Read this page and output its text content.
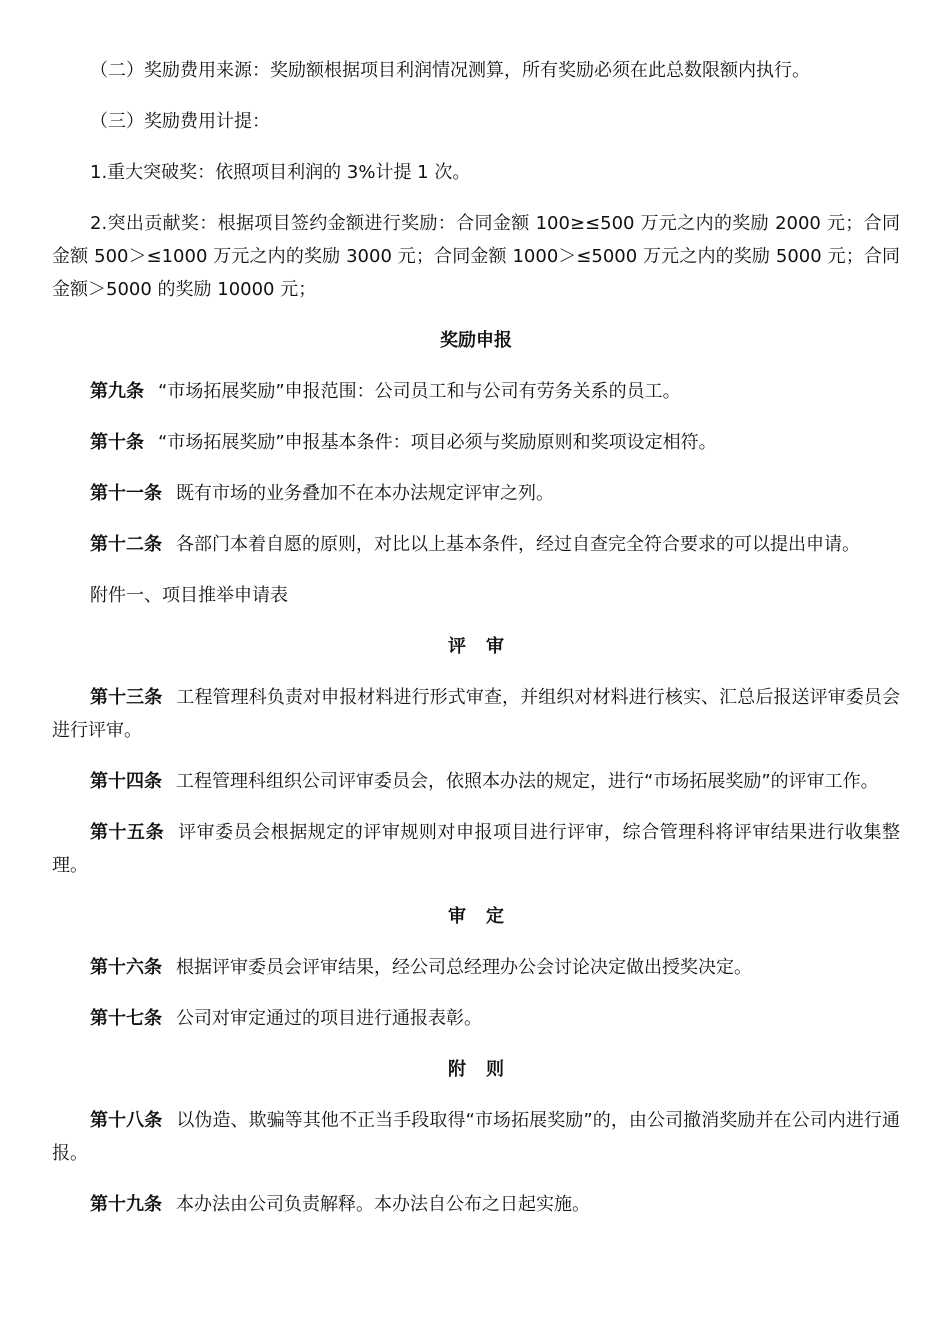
（二）奖励费用来源：奖励额根据项目利润情况测算，所有奖励必须在此总数限额内执行。

（三）奖励费用计提：

1.重大突破奖：依照项目利润的 3%计提 1 次。

2.突出贡献奖：根据项目签约金额进行奖励：合同金额 100≥≤500 万元之内的奖励 2000 元；合同金额 500＞≤1000 万元之内的奖励 3000 元；合同金额 1000＞≤5000 万元之内的奖励 5000 元；合同金额＞5000 的奖励 10000 元；

奖励申报

第九条 “市场拓展奖励”申报范围：公司员工和与公司有劳务关系的员工。

第十条 “市场拓展奖励”申报基本条件：项目必须与奖励原则和奖项设定相符。

第十一条 既有市场的业务叠加不在本办法规定评审之列。

第十二条 各部门本着自愿的原则，对比以上基本条件，经过自查完全符合要求的可以提出申请。

附件一、项目推举申请表

评审

第十三条 工程管理科负责对申报材料进行形式审查，并组织对材料进行核实、汇总后报送评审委员会进行评审。

第十四条 工程管理科组织公司评审委员会，依照本办法的规定，进行“市场拓展奖励”的评审工作。

第十五条 评审委员会根据规定的评审规则对申报项目进行评审，综合管理科将评审结果进行收集整理。

审定

第十六条 根据评审委员会评审结果，经公司总经理办公会讨论决定做出授奖决定。

第十七条 公司对审定通过的项目进行通报表彰。

附则

第十八条 以伪造、欺骗等其他不正当手段取得“市场拓展奖励”的，由公司撤消奖励并在公司内进行通报。

第十九条 本办法由公司负责解释。本办法自公布之日起实施。
